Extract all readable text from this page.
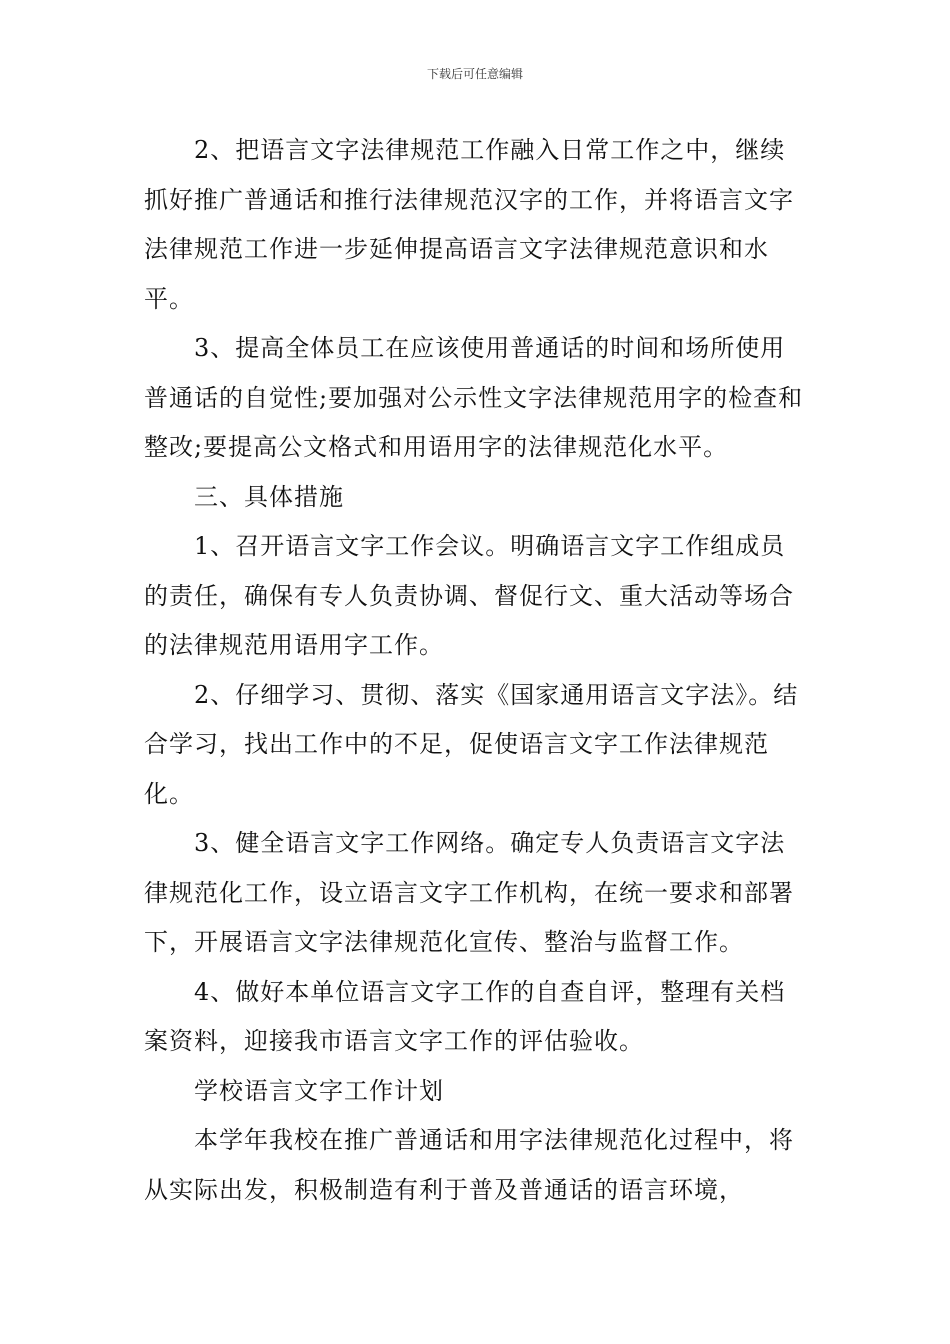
下载后可任意编辑

2、把语言文字法律规范工作融入日常工作之中，继续抓好推广普通话和推行法律规范汉字的工作，并将语言文字法律规范工作进一步延伸提高语言文字法律规范意识和水平。

3、提高全体员工在应该使用普通话的时间和场所使用普通话的自觉性;要加强对公示性文字法律规范用字的检查和整改;要提高公文格式和用语用字的法律规范化水平。

三、具体措施

1、召开语言文字工作会议。明确语言文字工作组成员的责任，确保有专人负责协调、督促行文、重大活动等场合的法律规范用语用字工作。

2、仔细学习、贯彻、落实《国家通用语言文字法》。结合学习，找出工作中的不足，促使语言文字工作法律规范化。

3、健全语言文字工作网络。确定专人负责语言文字法律规范化工作，设立语言文字工作机构，在统一要求和部署下，开展语言文字法律规范化宣传、整治与监督工作。

4、做好本单位语言文字工作的自查自评，整理有关档案资料，迎接我市语言文字工作的评估验收。

学校语言文字工作计划

本学年我校在推广普通话和用字法律规范化过程中，将从实际出发，积极制造有利于普及普通话的语言环境，
